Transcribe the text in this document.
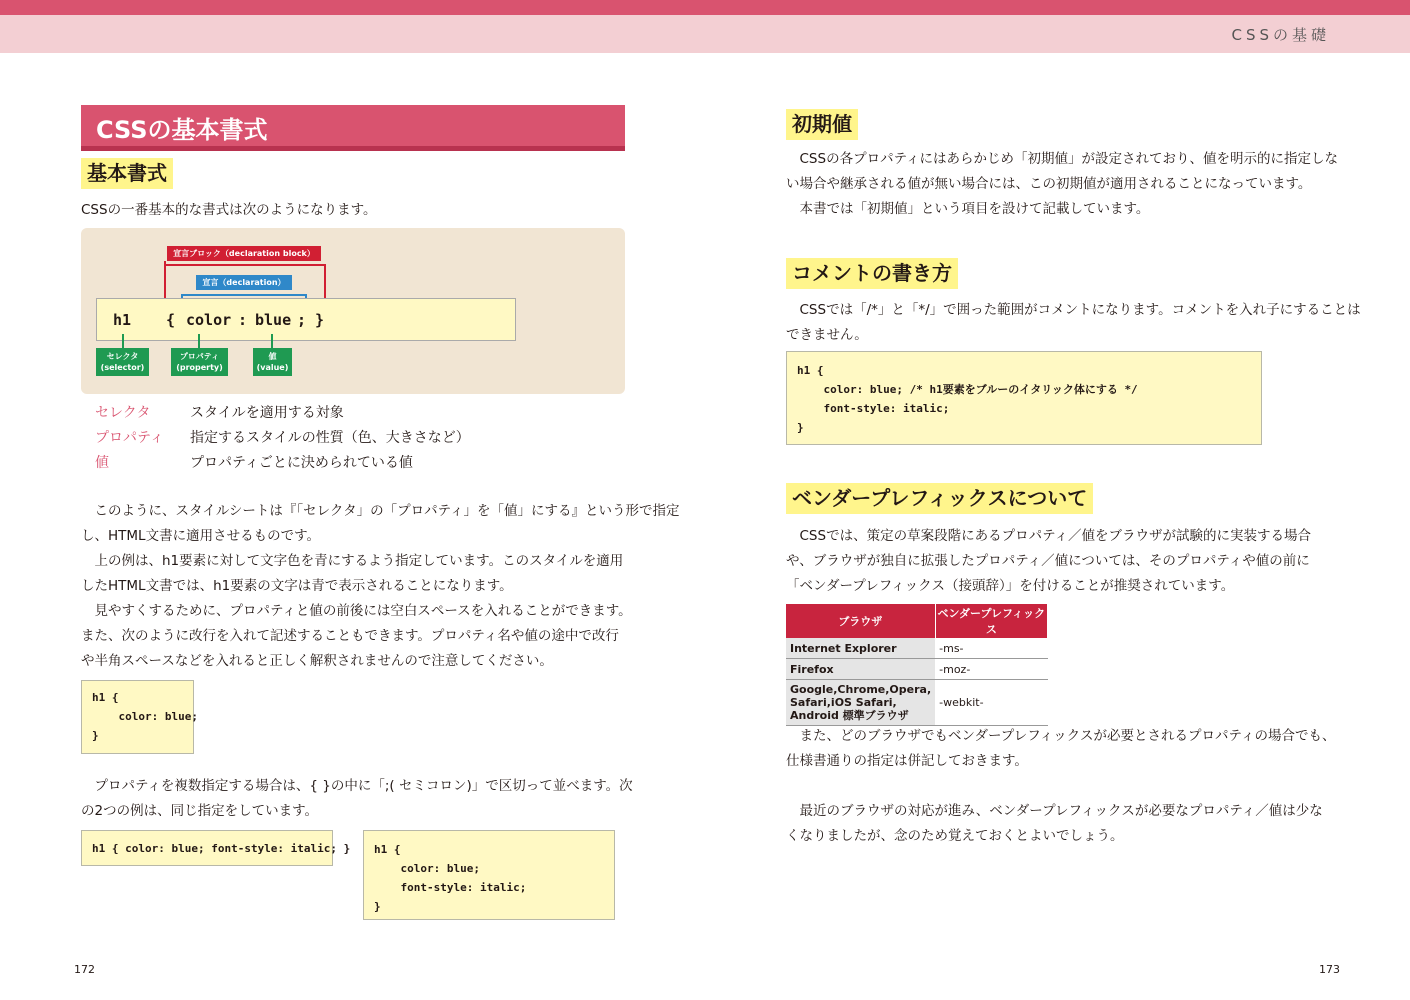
CSSの基礎
CSSの基本書式
基本書式
CSSの一番基本的な書式は次のようになります。
宣言ブロック（declaration block）
宣言（declaration）
h1 { color : blue ; }
セレクタ
(selector)
プロパティ
(property)
値
(value)
セレクタ	スタイルを適用する対象
プロパティ 指定するスタイルの性質（色、大きさなど）
値	プロパティごとに決められている値
　このように、スタイルシートは『「セレクタ」の「プロパティ」を「値」にする』という形で指定
し、HTML文書に適用させるものです。
　上の例は、h1要素に対して文字色を青にするよう指定しています。このスタイルを適用
したHTML文書では、h1要素の文字は青で表示されることになります。
　見やすくするために、プロパティと値の前後には空白スペースを入れることができます。
また、次のように改行を入れて記述することもできます。プロパティ名や値の途中で改行
や半角スペースなどを入れると正しく解釈されませんので注意してください。
h1 {
color: blue;
}
　プロパティを複数指定する場合は、{ }の中に「;( セミコロン)」で区切って並べます。次
の2つの例は、同じ指定をしています。
h1 { color: blue; font-style: italic; }	h1 {
color: blue;
font-style: italic;
}
172
初期値
　CSSの各プロパティにはあらかじめ「初期値」が設定されており、値を明示的に指定しな
い場合や継承される値が無い場合には、この初期値が適用されることになっています。
　本書では「初期値」という項目を設けて記載しています。
コメントの書き方
　CSSでは「/*」と「*/」で囲った範囲がコメントになります。コメントを入れ子にすることは
できません。
h1 {
color: blue; /* h1要素をブルーのイタリック体にする */
font-style: italic;
}
ベンダープレフィックスについて
　CSSでは、策定の草案段階にあるプロパティ／値をブラウザが試験的に実装する場合
や、ブラウザが独自に拡張したプロパティ／値については、そのプロパティや値の前に
「ベンダープレフィックス（接頭辞）」を付けることが推奨されています。
ブラウザ	ベンダープレフィックス
Internet Explorer	-ms-
Firefox	-moz-
Google,Chrome,Opera,
Safari,iOS Safari,
Android 標準ブラウザ	-webkit-
　また、どのブラウザでもベンダープレフィックスが必要とされるプロパティの場合でも、
仕様書通りの指定は併記しておきます。
　最近のブラウザの対応が進み、ベンダープレフィックスが必要なプロパティ／値は少な
くなりましたが、念のため覚えておくとよいでしょう。
173
